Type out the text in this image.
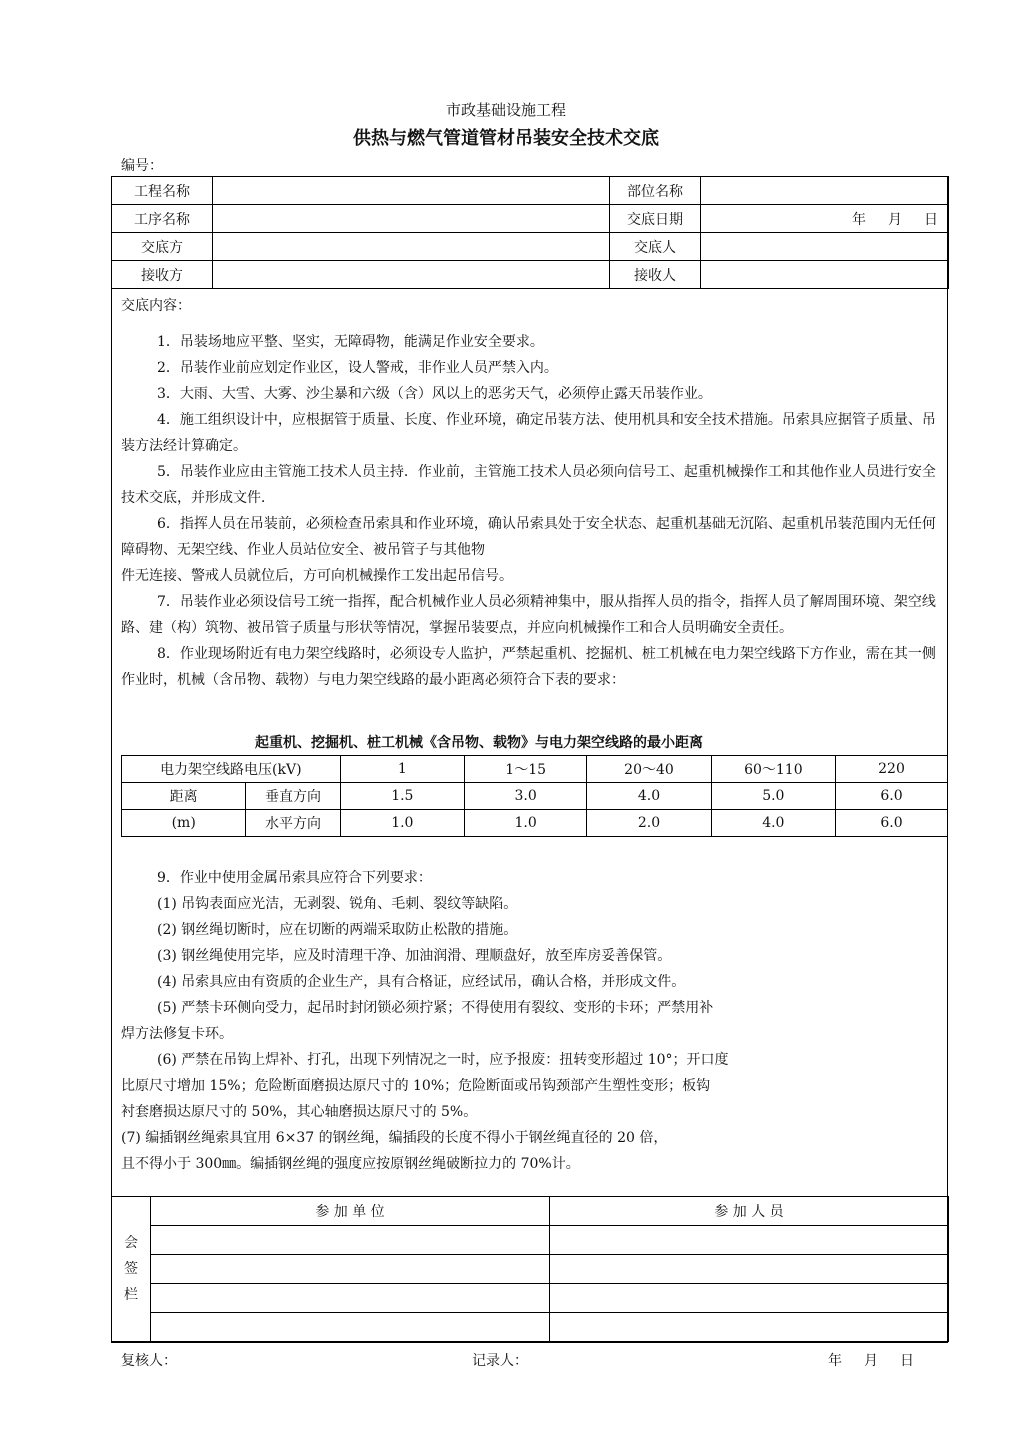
市政基础设施工程
供热与燃气管道管材吊装安全技术交底
编号：
工程名称		部位名称	
工序名称		交底日期	年 月 日
交底方		交底人	
接收方		接收人	
交底内容：

1．吊装场地应平整、坚实，无障碍物，能满足作业安全要求。

2．吊装作业前应划定作业区，设人警戒，非作业人员严禁入内。

3．大雨、大雪、大雾、沙尘暴和六级（含）风以上的恶劣天气，必须停止露天吊装作业。

4．施工组织设计中，应根据管于质量、长度、作业环境，确定吊装方法、使用机具和安全技术措施。吊索具应据管子质量、吊装方法经计算确定。

5．吊装作业应由主管施工技术人员主持．作业前，主管施工技术人员必须向信号工、起重机械操作工和其他作业人员进行安全技术交底，并形成文件．

6．指挥人员在吊装前，必须检查吊索具和作业环境，确认吊索具处于安全状态、起重机基础无沉陷、起重机吊装范围内无任何障碍物、无架空线、作业人员站位安全、被吊管子与其他物

件无连接、警戒人员就位后，方可向机械操作工发出起吊信号。

7．吊装作业必须设信号工统一指挥，配合机械作业人员必须精神集中，服从指挥人员的指令，指挥人员了解周围环境、架空线路、建（构）筑物、被吊管子质量与形状等情况，掌握吊装要点，并应向机械操作工和合人员明确安全责任。

8．作业现场附近有电力架空线路时，必须设专人监护，严禁起重机、挖掘机、桩工机械在电力架空线路下方作业，需在其一侧作业时，机械（含吊物、载物）与电力架空线路的最小距离必须符合下表的要求：

起重机、挖掘机、桩工机械《含吊物、载物》与电力架空线路的最小距离
电力架空线路电压(kV)		1	1～15	20～40	60～110	220
距离	垂直方向	1.5	3.0	4.0	5.0	6.0
(m)	水平方向	1.0	1.0	2.0	4.0	6.0

9．作业中使用金属吊索具应符合下列要求：

(1) 吊钩表面应光洁，无剥裂、锐角、毛刺、裂纹等缺陷。

(2) 钢丝绳切断时，应在切断的两端采取防止松散的措施。

(3) 钢丝绳使用完毕，应及时清理干净、加油润滑、理顺盘好，放至库房妥善保管。

(4) 吊索具应由有资质的企业生产，具有合格证，应经试吊，确认合格，并形成文件。

(5) 严禁卡环侧向受力，起吊时封闭锁必须拧紧；不得使用有裂纹、变形的卡环；严禁用补

焊方法修复卡环。

(6) 严禁在吊钩上焊补、打孔，出现下列情况之一时，应予报废：扭转变形超过 10°；开口度

比原尺寸增加 15%；危险断面磨损达原尺寸的 10%；危险断面或吊钩颈部产生塑性变形；板钩

衬套磨损达原尺寸的 50%，其心轴磨损达原尺寸的 5%。

(7) 编插钢丝绳索具宜用 6×37 的钢丝绳，编插段的长度不得小于钢丝绳直径的 20 倍，

且不得小于 300㎜。编插钢丝绳的强度应按原钢丝绳破断拉力的 70%计。

会
签
栏	参 加 单 位	参 加 人 员

复核人：	记录人：	年 月 日
